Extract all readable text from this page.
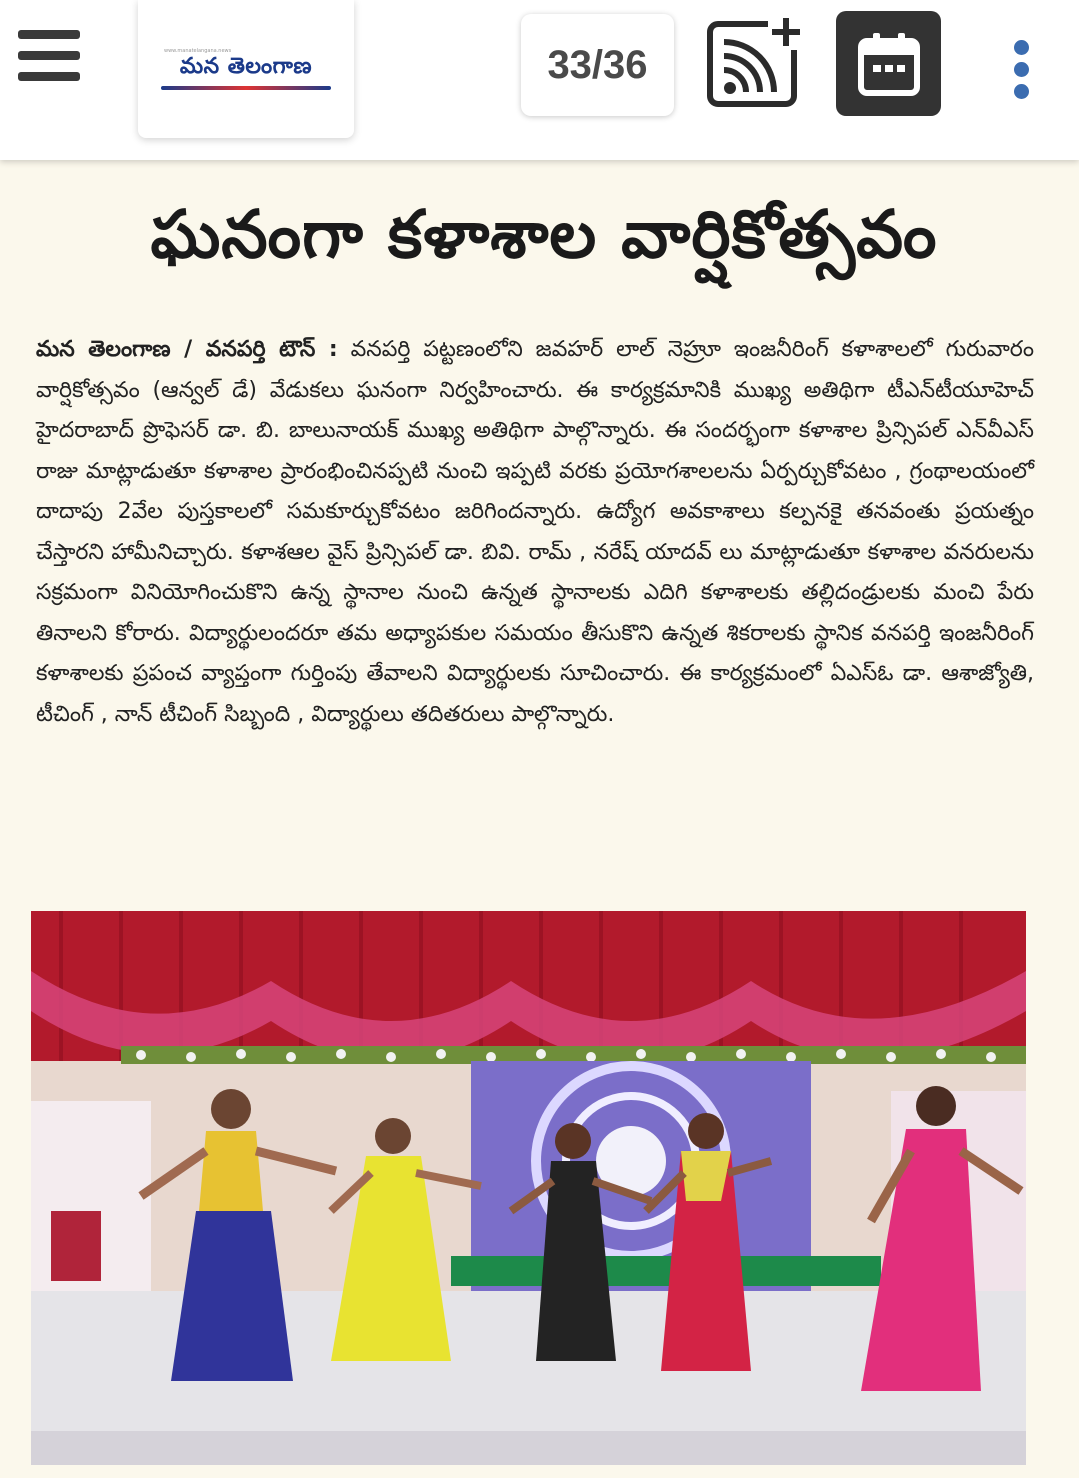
www.manatelangana.news
మన తెలంగాణ	33/36
ఘనంగా కళాశాల వార్షికోత్సవం

మన తెలంగాణ / వనపర్తి టౌన్ : వనపర్తి పట్టణంలోని జవహర్ లాల్ నెహ్రూ ఇంజనీరింగ్ కళాశాలలో గురువారం వార్షికోత్సవం (ఆన్వల్ డే) వేడుకలు ఘనంగా నిర్వహించారు. ఈ కార్యక్రమానికి ముఖ్య అతిథిగా టీఎన్‌టీయూహెచ్ హైదరాబాద్ ప్రొఫెసర్ డా. బి. బాలునాయక్ ముఖ్య అతిథిగా పాల్గొన్నారు. ఈ సందర్భంగా కళాశాల ప్రిన్సిపల్ ఎన్‌వీఎస్ రాజు మాట్లాడుతూ కళాశాల ప్రారంభించినప్పటి నుంచి ఇప్పటి వరకు ప్రయోగశాలలను ఏర్పర్చుకోవటం , గ్రంథాలయంలో దాదాపు 2వేల పుస్తకాలలో సమకూర్చుకోవటం జరిగిందన్నారు. ఉద్యోగ అవకాశాలు కల్పనకై తనవంతు ప్రయత్నం చేస్తారని హామీనిచ్చారు. కళాశఆల వైస్ ప్రిన్సిపల్ డా. బివి. రామ్ , నరేష్ యాదవ్ లు మాట్లాడుతూ కళాశాల వనరులను సక్రమంగా వినియోగించుకొని ఉన్న స్థానాల నుంచి ఉన్నత స్థానాలకు ఎదిగి కళాశాలకు తల్లిదండ్రులకు మంచి పేరు తినాలని కోరారు. విద్యార్థులందరూ తమ అధ్యాపకుల సమయం తీసుకొని ఉన్నత శికరాలకు స్థానిక వనపర్తి ఇంజనీరింగ్ కళాశాలకు ప్రపంచ వ్యాప్తంగా గుర్తింపు తేవాలని విద్యార్థులకు సూచించారు. ఈ కార్యక్రమంలో ఏఎస్‌ఓ డా. ఆశాజ్యోతి, టీచింగ్ , నాన్ టీచింగ్ సిబ్బంది , విద్యార్థులు తదితరులు పాల్గొన్నారు.
